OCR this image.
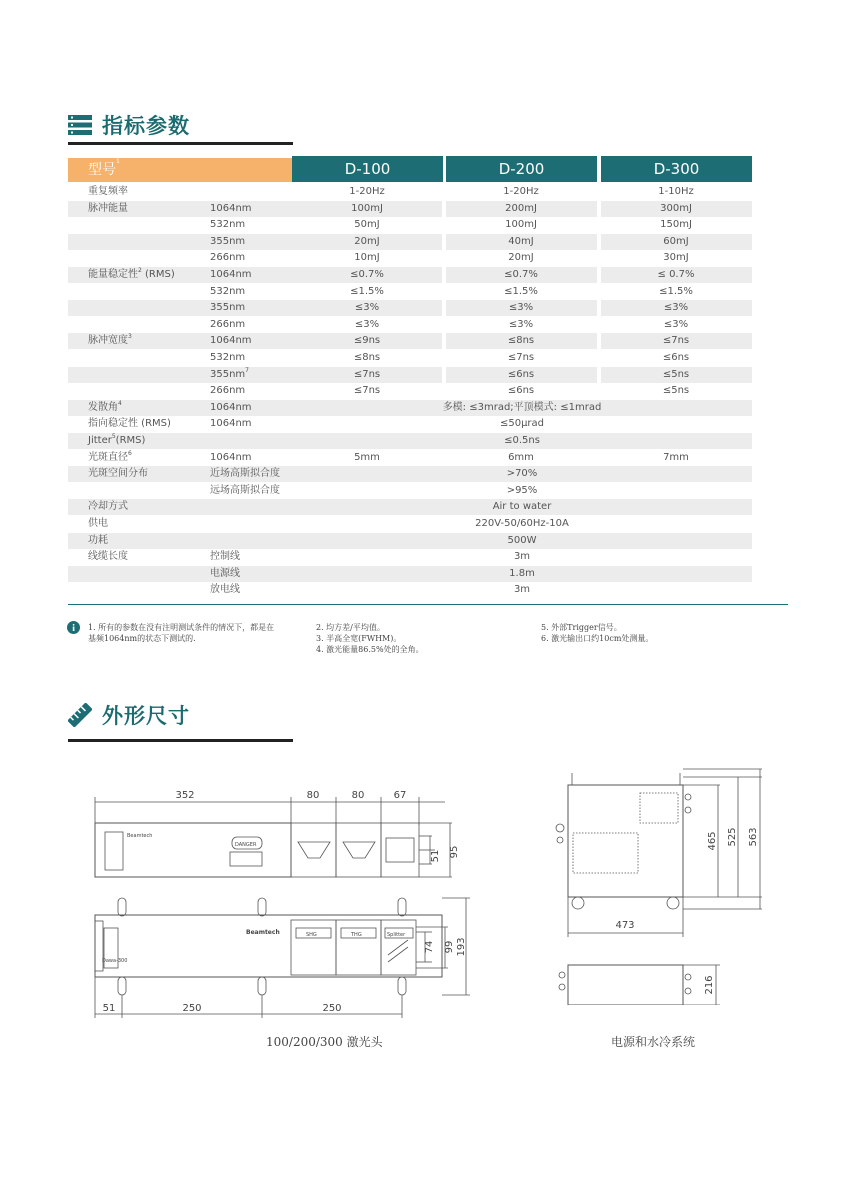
指标参数
型号$^1$	D-100	D-200	D-300
重复频率	1-20Hz	1-20Hz	1-10Hz
脉冲能量	1064nm	100mJ	200mJ	300mJ
532nm	50mJ	100mJ	150mJ
355nm	20mJ	40mJ	60mJ
266nm	10mJ	20mJ	30mJ
能量稳定性$^2$ (RMS)	1064nm	≤0.7%	≤0.7%	≤ 0.7%
532nm	≤1.5%	≤1.5%	≤1.5%
355nm	≤3%	≤3%	≤3%
266nm	≤3%	≤3%	≤3%
脉冲宽度$^3$	1064nm	≤9ns	≤8ns	≤7ns
532nm	≤8ns	≤7ns	≤6ns
$355nm^7$	≤7ns	≤6ns	≤5ns
266nm	≤7ns	≤6ns	≤5ns
发散角$^4$	1064nm	多模: ≤3mrad;平顶模式: ≤1mrad
指向稳定性 (RMS)	1064nm	≤50μrad
Jitter$^5$(RMS)	≤0.5ns
光斑直径$^6$	1064nm	5mm	6mm	7mm
光斑空间分布	近场高斯拟合度	>70%
远场高斯拟合度	>95%
冷却方式	Air to water
供电	220V-50/60Hz-10A
功耗	500W
线缆长度	控制线	3m
电源线	1.8m
放电线	3m
1. 所有的参数在没有注明测试条件的情况下，都是在
基频1064nm的状态下测试的.
2. 均方差/平均值。
3. 半高全宽(FWHM)。
4. 激光能量86.5%处的全角。
5. 外部Trigger信号。
6. 激光输出口约10cm处测量。
外形尺寸
352	80	80	67
51 95
74 99 193
51	250	250
Beamtech
DANGER
Beamtech
Dawa-300
SHG	THG	Splitter
100/200/300 激光头
465 525 563
473
216
电源和水冷系统
